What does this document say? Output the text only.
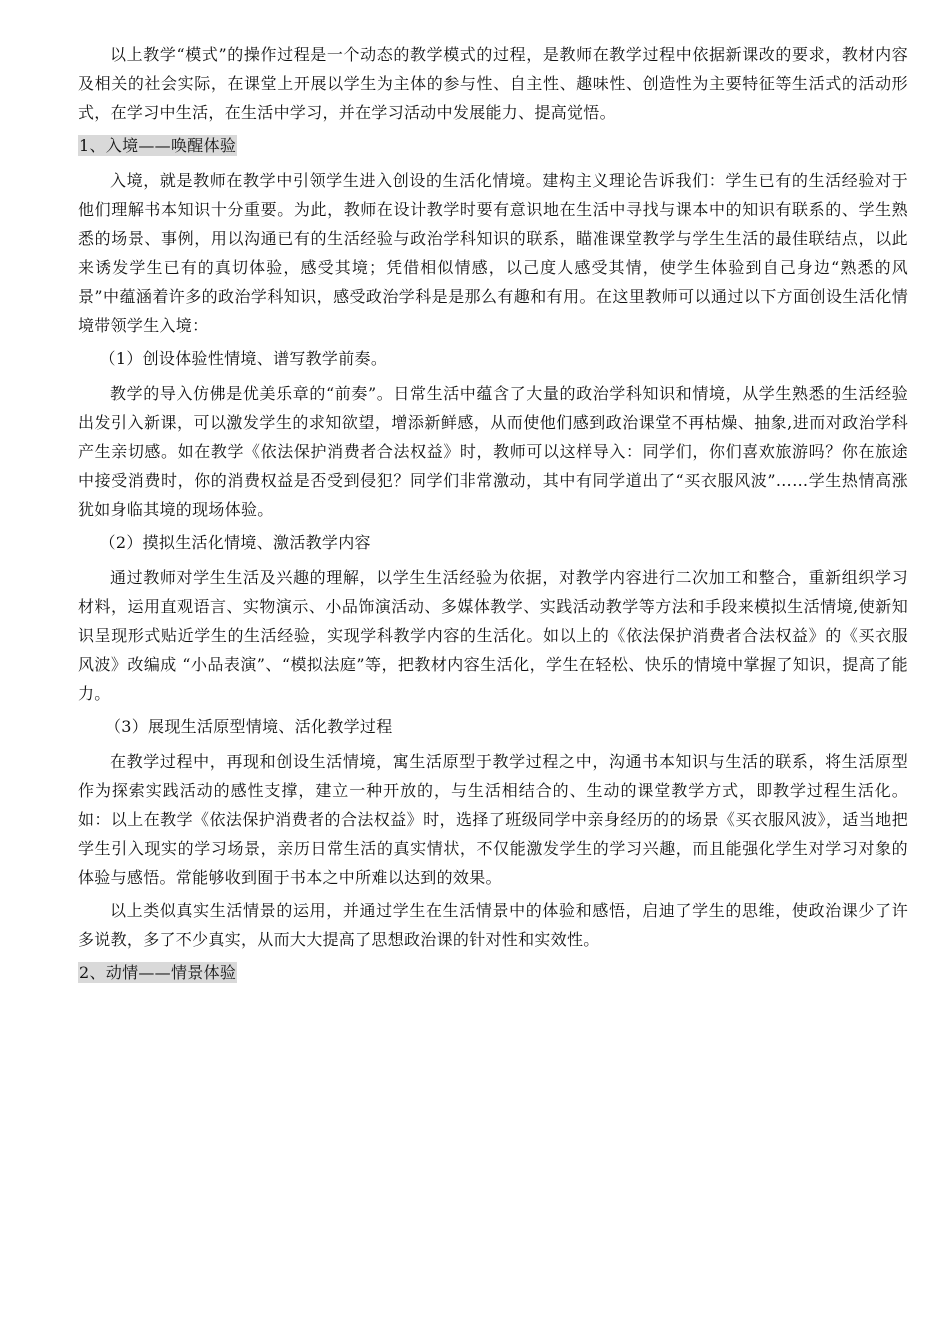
以上教学“模式”的操作过程是一个动态的教学模式的过程，是教师在教学过程中依据新课改的要求，教材内容及相关的社会实际，在课堂上开展以学生为主体的参与性、自主性、趣味性、创造性为主要特征等生活式的活动形式，在学习中生活，在生活中学习，并在学习活动中发展能力、提高觉悟。

1、入境——唤醒体验

入境，就是教师在教学中引领学生进入创设的生活化情境。建构主义理论告诉我们：学生已有的生活经验对于他们理解书本知识十分重要。为此，教师在设计教学时要有意识地在生活中寻找与课本中的知识有联系的、学生熟悉的场景、事例，用以沟通已有的生活经验与政治学科知识的联系，瞄准课堂教学与学生生活的最佳联结点，以此来诱发学生已有的真切体验，感受其境；凭借相似情感，以己度人感受其情，使学生体验到自己身边“熟悉的风景”中蕴涵着许多的政治学科知识，感受政治学科是是那么有趣和有用。在这里教师可以通过以下方面创设生活化情境带领学生入境：

（1）创设体验性情境、谱写教学前奏。

教学的导入仿佛是优美乐章的“前奏”。日常生活中蕴含了大量的政治学科知识和情境，从学生熟悉的生活经验出发引入新课，可以激发学生的求知欲望，增添新鲜感，从而使他们感到政治课堂不再枯燥、抽象,进而对政治学科产生亲切感。如在教学《依法保护消费者合法权益》时，教师可以这样导入：同学们，你们喜欢旅游吗？你在旅途中接受消费时，你的消费权益是否受到侵犯？同学们非常激动，其中有同学道出了“买衣服风波”……学生热情高涨犹如身临其境的现场体验。

（2）摸拟生活化情境、激活教学内容

通过教师对学生生活及兴趣的理解，以学生生活经验为依据，对教学内容进行二次加工和整合，重新组织学习材料，运用直观语言、实物演示、小品饰演活动、多媒体教学、实践活动教学等方法和手段来模拟生活情境,使新知识呈现形式贴近学生的生活经验，实现学科教学内容的生活化。如以上的《依法保护消费者合法权益》的《买衣服风波》改编成 “小品表演”、“模拟法庭”等，把教材内容生活化，学生在轻松、快乐的情境中掌握了知识，提高了能力。

（3）展现生活原型情境、活化教学过程

在教学过程中，再现和创设生活情境，寓生活原型于教学过程之中，沟通书本知识与生活的联系，将生活原型作为探索实践活动的感性支撑，建立一种开放的，与生活相结合的、生动的课堂教学方式，即教学过程生活化。如：以上在教学《依法保护消费者的合法权益》时，选择了班级同学中亲身经历的的场景《买衣服风波》，适当地把学生引入现实的学习场景，亲历日常生活的真实情状，不仅能激发学生的学习兴趣，而且能强化学生对学习对象的体验与感悟。常能够收到囿于书本之中所难以达到的效果。

以上类似真实生活情景的运用，并通过学生在生活情景中的体验和感悟，启迪了学生的思维，使政治课少了许多说教，多了不少真实，从而大大提高了思想政治课的针对性和实效性。

2、动情——情景体验
